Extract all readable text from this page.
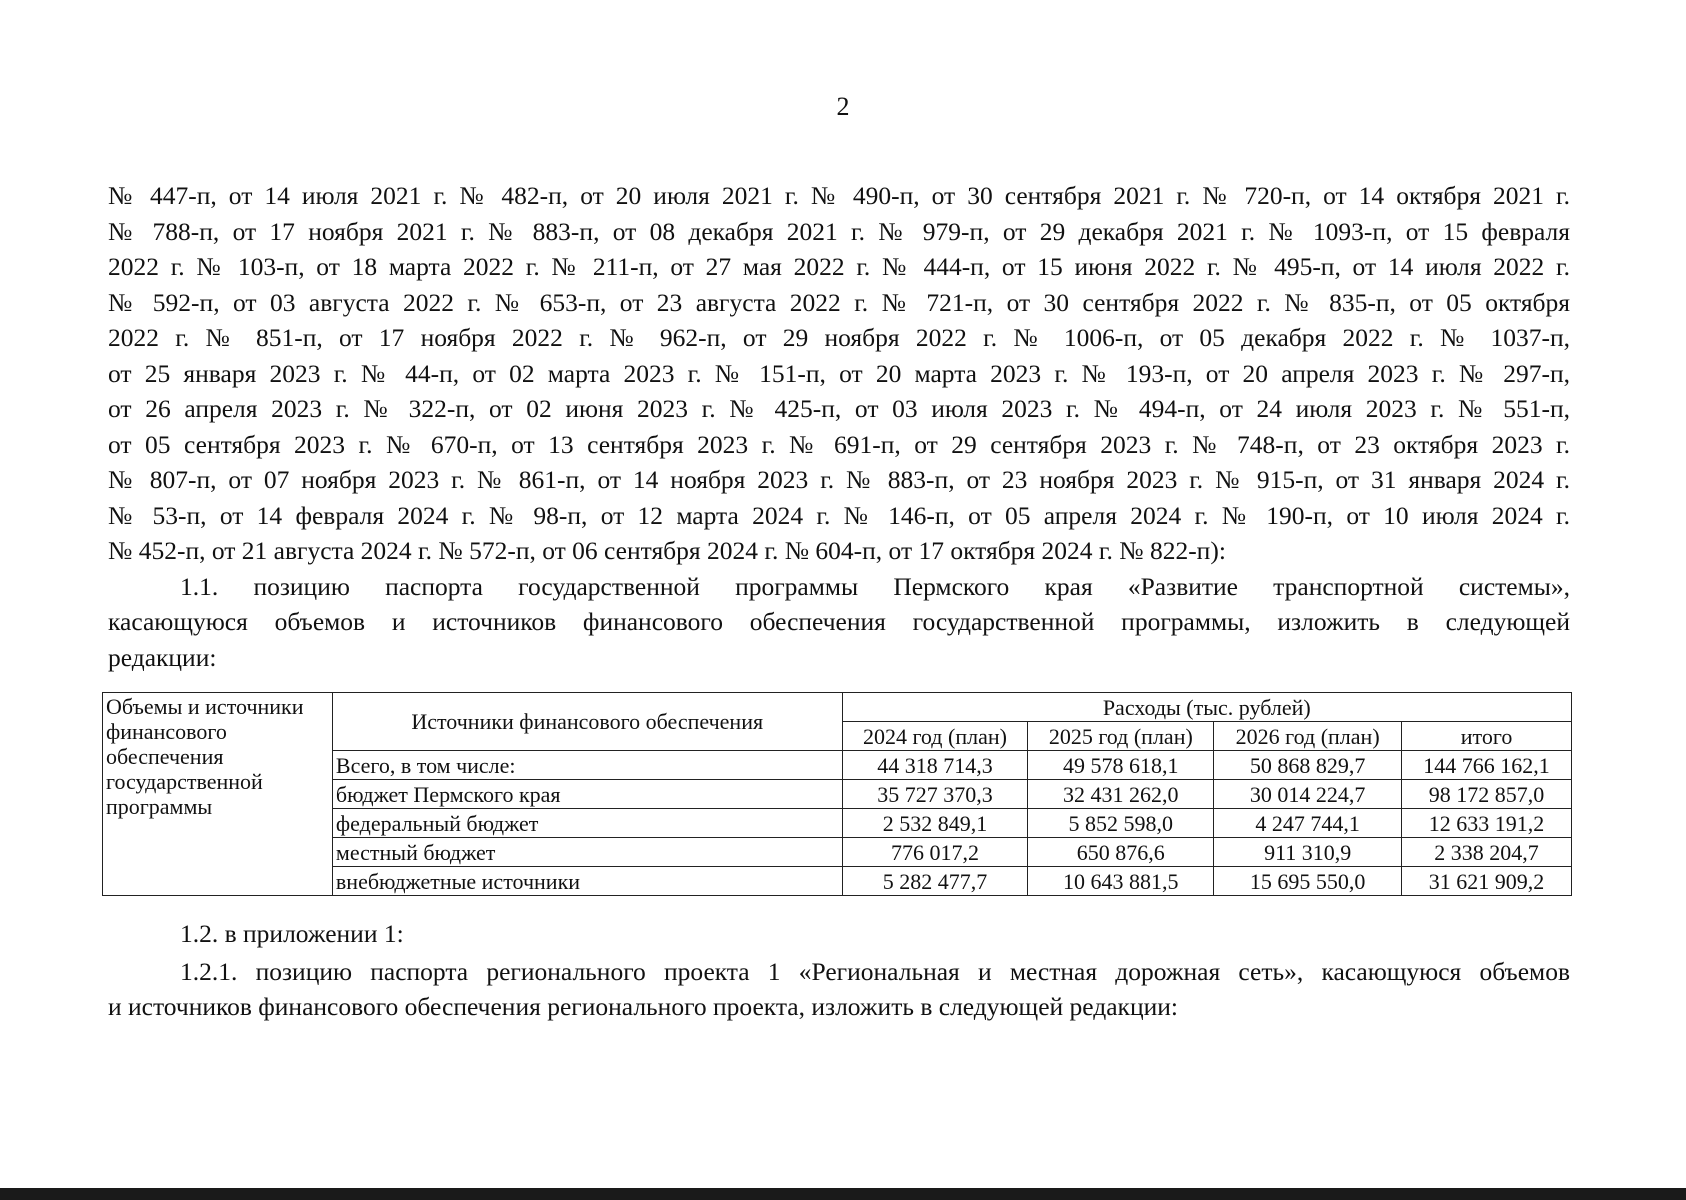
2
№ 447-п, от 14 июля 2021 г. № 482-п, от 20 июля 2021 г. № 490-п, от 30 сентября 2021 г. № 720-п, от 14 октября 2021 г.
№ 788-п, от 17 ноября 2021 г. № 883-п, от 08 декабря 2021 г. № 979-п, от 29 декабря 2021 г. № 1093-п, от 15 февраля
2022 г. № 103-п, от 18 марта 2022 г. № 211-п, от 27 мая 2022 г. № 444-п, от 15 июня 2022 г. № 495-п, от 14 июля 2022 г.
№ 592-п, от 03 августа 2022 г. № 653-п, от 23 августа 2022 г. № 721-п, от 30 сентября 2022 г. № 835-п, от 05 октября
2022 г. № 851-п, от 17 ноября 2022 г. № 962-п, от 29 ноября 2022 г. № 1006-п, от 05 декабря 2022 г. № 1037-п,
от 25 января 2023 г. № 44-п, от 02 марта 2023 г. № 151-п, от 20 марта 2023 г. № 193-п, от 20 апреля 2023 г. № 297-п,
от 26 апреля 2023 г. № 322-п, от 02 июня 2023 г. № 425-п, от 03 июля 2023 г. № 494-п, от 24 июля 2023 г. № 551-п,
от 05 сентября 2023 г. № 670-п, от 13 сентября 2023 г. № 691-п, от 29 сентября 2023 г. № 748-п, от 23 октября 2023 г.
№ 807-п, от 07 ноября 2023 г. № 861-п, от 14 ноября 2023 г. № 883-п, от 23 ноября 2023 г. № 915-п, от 31 января 2024 г.
№ 53-п, от 14 февраля 2024 г. № 98-п, от 12 марта 2024 г. № 146-п, от 05 апреля 2024 г. № 190-п, от 10 июля 2024 г.
№ 452-п, от 21 августа 2024 г. № 572-п, от 06 сентября 2024 г. № 604-п, от 17 октября 2024 г. № 822-п):
1.1. позицию паспорта государственной программы Пермского края «Развитие транспортной системы»,
касающуюся объемов и источников финансового обеспечения государственной программы, изложить в следующей
редакции:
Объемы и источники финансового обеспечения государственной программы	Источники финансового обеспечения	Расходы (тыс. рублей)			
		2024 год (план)	2025 год (план)	2026 год (план)	итого
	Всего, в том числе:	44 318 714,3	49 578 618,1	50 868 829,7	144 766 162,1
	бюджет Пермского края	35 727 370,3	32 431 262,0	30 014 224,7	98 172 857,0
	федеральный бюджет	2 532 849,1	5 852 598,0	4 247 744,1	12 633 191,2
	местный бюджет	776 017,2	650 876,6	911 310,9	2 338 204,7
	внебюджетные источники	5 282 477,7	10 643 881,5	15 695 550,0	31 621 909,2
1.2. в приложении 1:
1.2.1. позицию паспорта регионального проекта 1 «Региональная и местная дорожная сеть», касающуюся объемов
и источников финансового обеспечения регионального проекта, изложить в следующей редакции:
